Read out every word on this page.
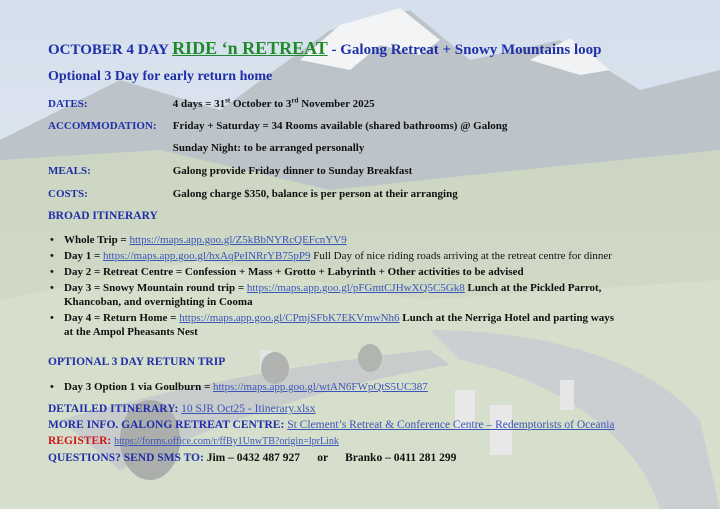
OCTOBER 4 DAY RIDE ‘n RETREAT - Galong Retreat + Snowy Mountains loop
Optional 3 Day for early return home
DATES:	4 days = 31st October to 3rd November 2025
ACCOMMODATION: Friday + Saturday = 34 Rooms available (shared bathrooms) @ Galong
Sunday Night: to be arranged personally
MEALS:	Galong provide Friday dinner to Sunday Breakfast
COSTS:	Galong charge $350, balance is per person at their arranging
BROAD ITINERARY
• Whole Trip = https://maps.app.goo.gl/Z5kBbNYRcQEFcnYV9
• Day 1 = https://maps.app.goo.gl/hxAqPeINRrYB75pP9 Full Day of nice riding roads arriving at the retreat centre for dinner
• Day 2 = Retreat Centre = Confession + Mass + Grotto + Labyrinth + Other activities to be advised
• Day 3 = Snowy Mountain round trip = https://maps.app.goo.gl/pFGmtCJHwXQ5C5Gk8 Lunch at the Pickled Parrot,
Khancoban, and overnighting in Cooma
• Day 4 = Return Home = https://maps.app.goo.gl/CPmjSFbK7EKVmwNh6 Lunch at the Nerriga Hotel and parting ways
at the Ampol Pheasants Nest
OPTIONAL 3 DAY RETURN TRIP
• Day 3 Option 1 via Goulburn = https://maps.app.goo.gl/wtAN6FWpQtS5UC387
DETAILED ITINERARY: 10 SJR Oct25 - Itinerary.xlsx
MORE INFO. GALONG RETREAT CENTRE: St Clement’s Retreat & Conference Centre – Redemptorists of Oceania
REGISTER: https://forms.office.com/r/ffBy1UnwTB?origin=lprLink
QUESTIONS? SEND SMS TO: Jim – 0432 487 927      or      Branko – 0411 281 299
